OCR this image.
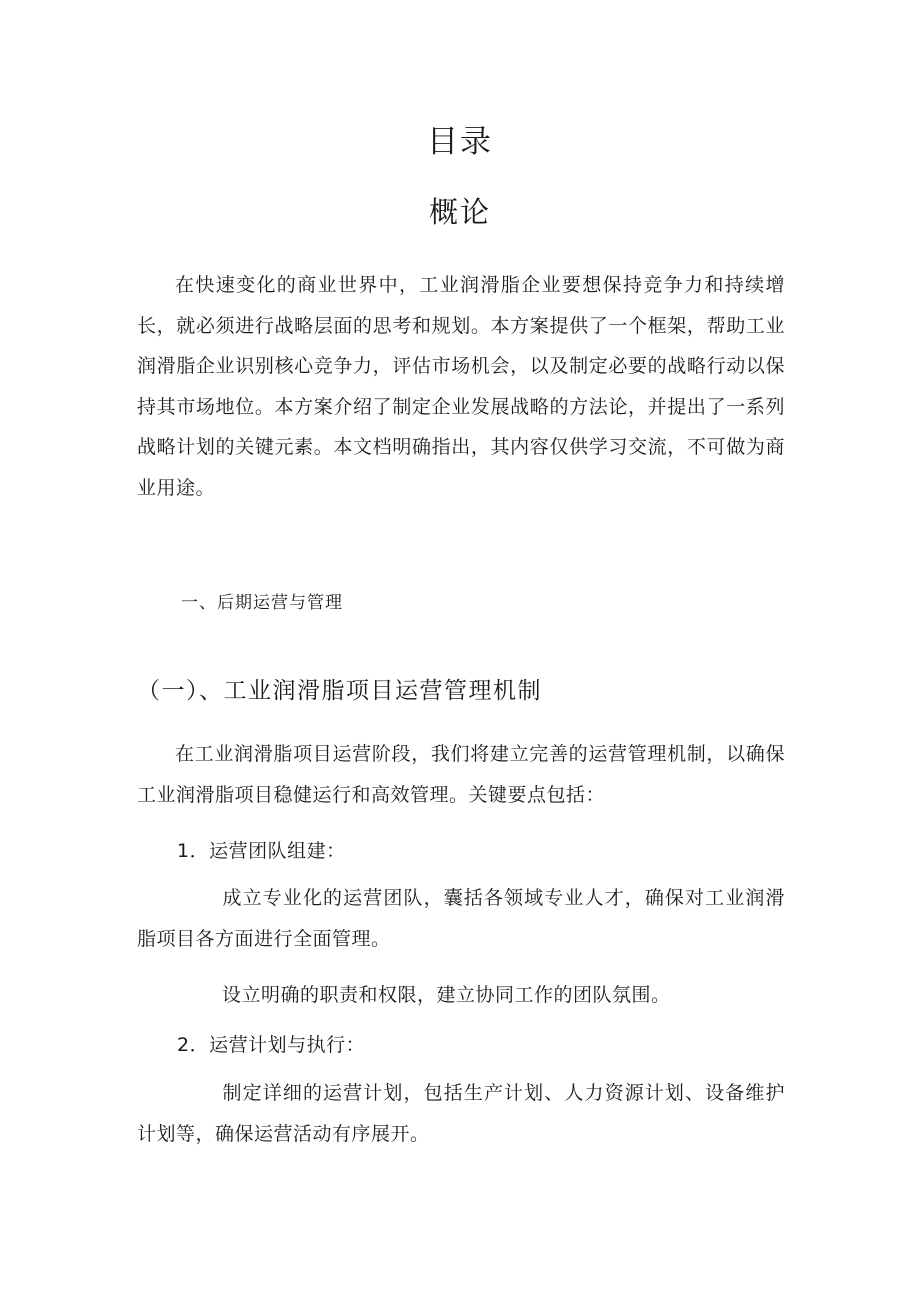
目录
概论
在快速变化的商业世界中，工业润滑脂企业要想保持竞争力和持续增长，就必须进行战略层面的思考和规划。本方案提供了一个框架，帮助工业润滑脂企业识别核心竞争力，评估市场机会，以及制定必要的战略行动以保持其市场地位。本方案介绍了制定企业发展战略的方法论，并提出了一系列战略计划的关键元素。本文档明确指出，其内容仅供学习交流，不可做为商业用途。
一、后期运营与管理
（一）、工业润滑脂项目运营管理机制
在工业润滑脂项目运营阶段，我们将建立完善的运营管理机制，以确保工业润滑脂项目稳健运行和高效管理。关键要点包括：
1．运营团队组建：
成立专业化的运营团队，囊括各领域专业人才，确保对工业润滑脂项目各方面进行全面管理。
设立明确的职责和权限，建立协同工作的团队氛围。
2．运营计划与执行：
制定详细的运营计划，包括生产计划、人力资源计划、设备维护计划等，确保运营活动有序展开。
